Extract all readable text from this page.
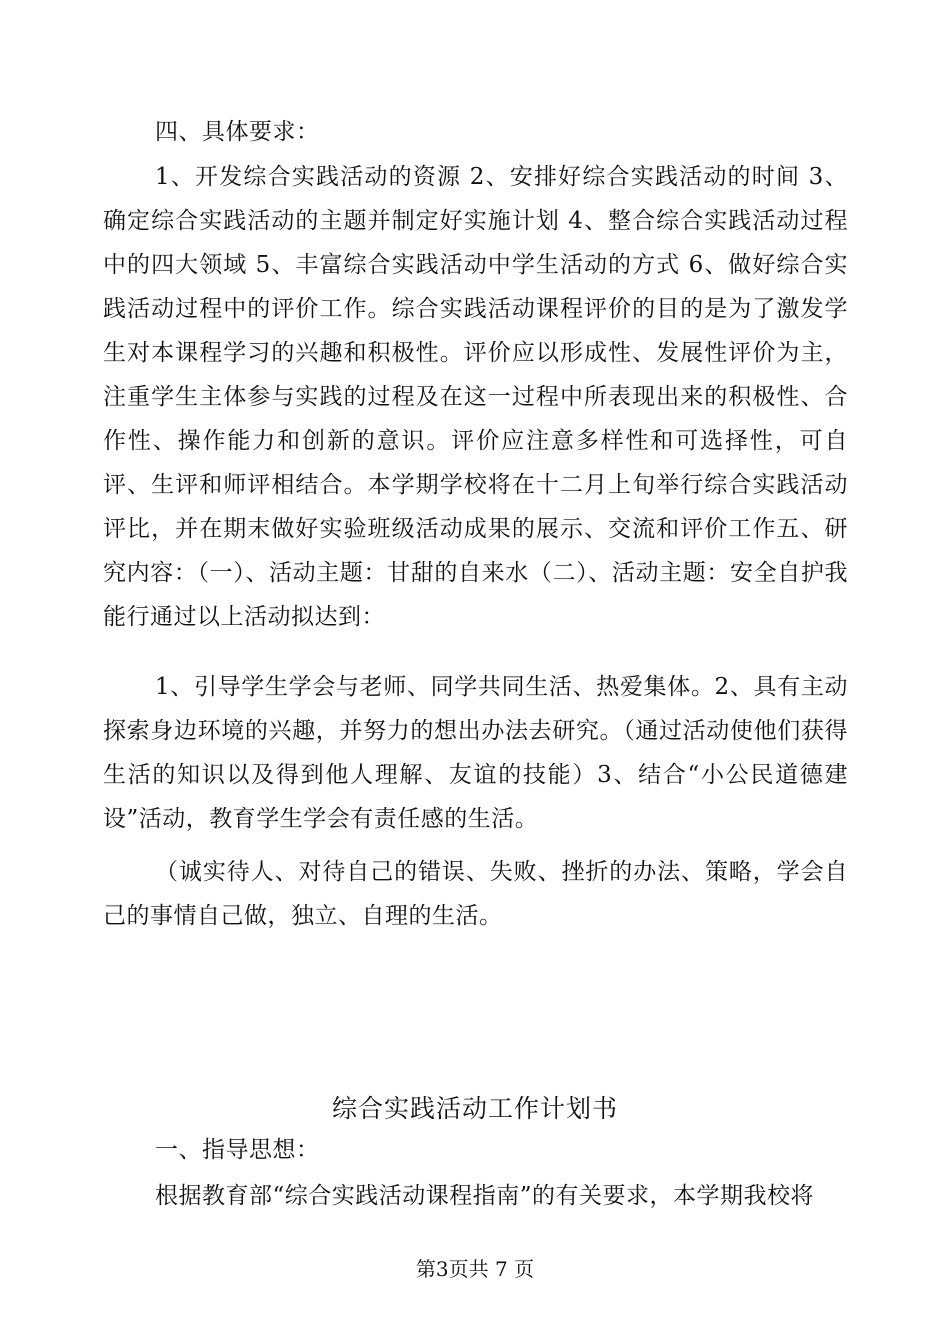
四、具体要求：
1、开发综合实践活动的资源 2、安排好综合实践活动的时间 3、确定综合实践活动的主题并制定好实施计划 4、整合综合实践活动过程中的四大领域 5、丰富综合实践活动中学生活动的方式 6、做好综合实践活动过程中的评价工作。综合实践活动课程评价的目的是为了激发学生对本课程学习的兴趣和积极性。评价应以形成性、发展性评价为主，注重学生主体参与实践的过程及在这一过程中所表现出来的积极性、合作性、操作能力和创新的意识。评价应注意多样性和可选择性，可自评、生评和师评相结合。本学期学校将在十二月上旬举行综合实践活动评比，并在期末做好实验班级活动成果的展示、交流和评价工作五、研究内容：（一）、活动主题：甘甜的自来水（二）、活动主题：安全自护我能行通过以上活动拟达到：
1、引导学生学会与老师、同学共同生活、热爱集体。2、具有主动探索身边环境的兴趣，并努力的想出办法去研究。（通过活动使他们获得生活的知识以及得到他人理解、友谊的技能）3、结合“小公民道德建设”活动，教育学生学会有责任感的生活。
（诚实待人、对待自己的错误、失败、挫折的办法、策略，学会自己的事情自己做，独立、自理的生活。
综合实践活动工作计划书
一、指导思想：
根据教育部“综合实践活动课程指南”的有关要求，本学期我校将
第3页共 7 页
